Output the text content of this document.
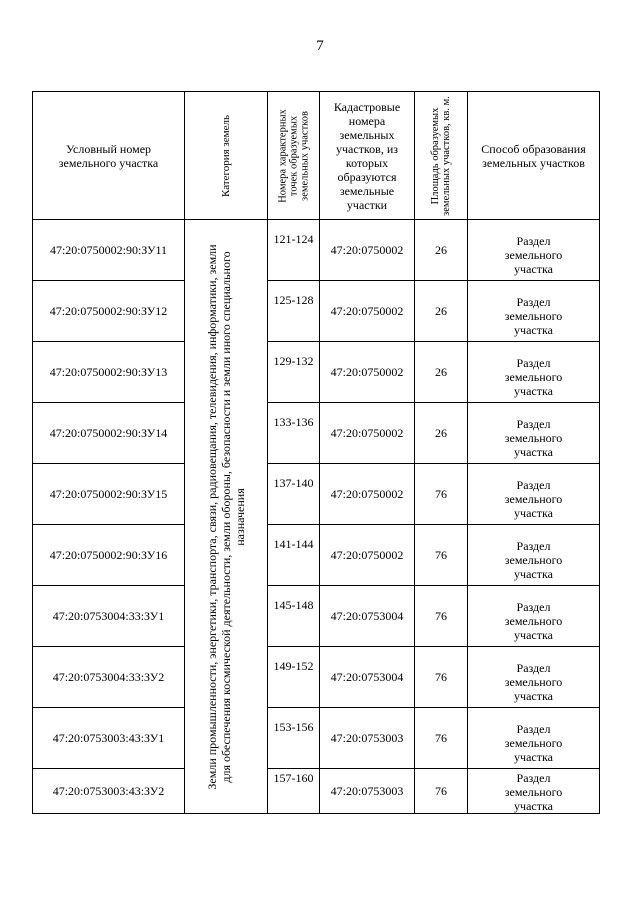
7
Условный номер земельного участка	Категория земель	Номера характерных точек образуемых земельных участков	Кадастровые номера земельных участков, из которых образуются земельные участки	Площадь образуемых земельных участков, кв. м.	Способ образования земельных участков

47:20:0750002:90:ЗУ11	Земли промышленности, энергетики, транспорта, связи, радиовещания, телевидения, информатики, земли для обеспечения космической деятельности, земли обороны, безопасности и земли иного специального назначения	121-124	47:20:0750002	26	Раздел земельного участка
47:20:0750002:90:ЗУ12		125-128	47:20:0750002	26	Раздел земельного участка
47:20:0750002:90:ЗУ13		129-132	47:20:0750002	26	Раздел земельного участка
47:20:0750002:90:ЗУ14		133-136	47:20:0750002	26	Раздел земельного участка
47:20:0750002:90:ЗУ15		137-140	47:20:0750002	76	Раздел земельного участка
47:20:0750002:90:ЗУ16		141-144	47:20:0750002	76	Раздел земельного участка
47:20:0753004:33:ЗУ1		145-148	47:20:0753004	76	Раздел земельного участка
47:20:0753004:33:ЗУ2		149-152	47:20:0753004	76	Раздел земельного участка
47:20:0753003:43:ЗУ1		153-156	47:20:0753003	76	Раздел земельного участка
47:20:0753003:43:ЗУ2		157-160	47:20:0753003	76	Раздел земельного участка
